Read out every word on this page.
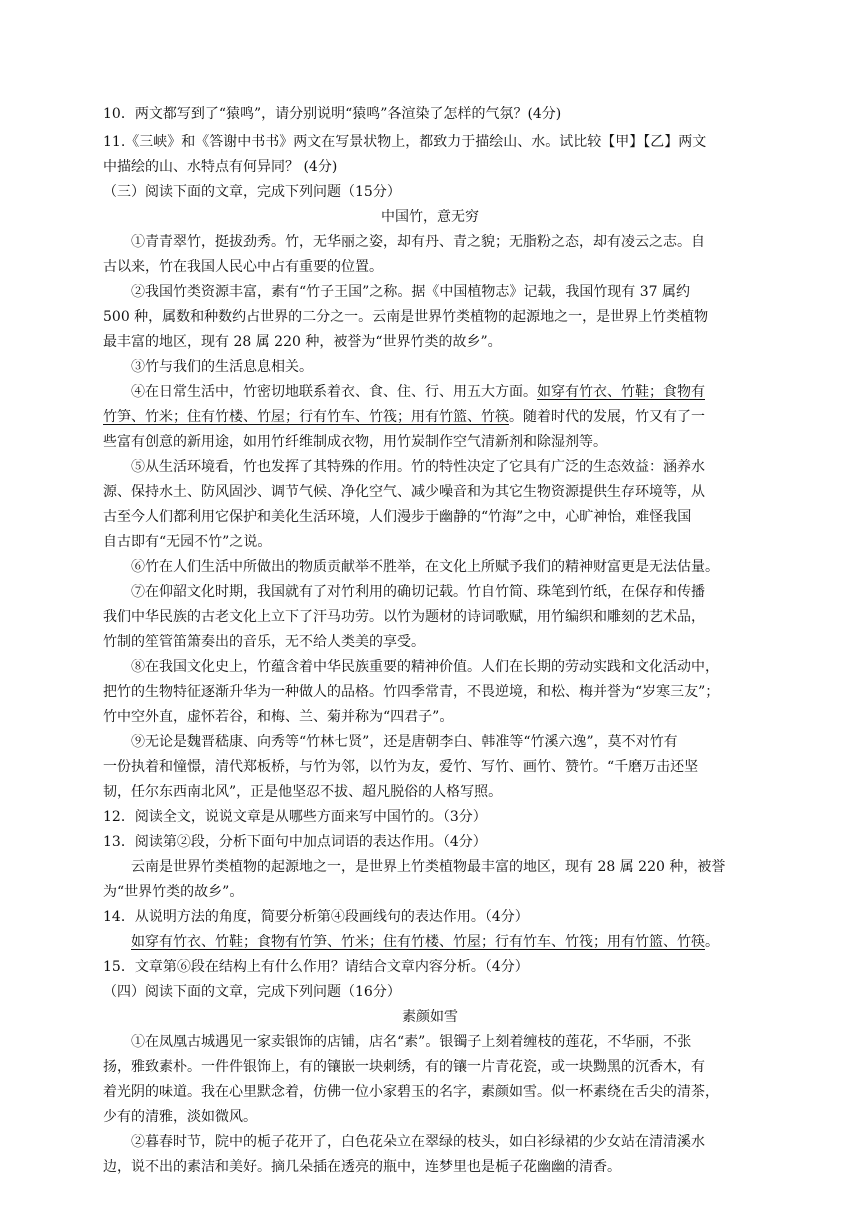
10．两文都写到了“猿鸣”，请分别说明“猿鸣”各渲染了怎样的气氛？(4分)
11.《三峡》和《答谢中书书》两文在写景状物上，都致力于描绘山、水。试比较【甲】【乙】两文
中描绘的山、水特点有何异同？ (4分)
（三）阅读下面的文章，完成下列问题（15分）
中国竹，意无穷
①青青翠竹，挺拔劲秀。竹，无华丽之姿，却有丹、青之貌；无脂粉之态，却有凌云之志。自
古以来，竹在我国人民心中占有重要的位置。
②我国竹类资源丰富，素有“竹子王国”之称。据《中国植物志》记载，我国竹现有 37 属约
500 种，属数和种数约占世界的二分之一。云南是世界竹类植物的起源地之一，是世界上竹类植物
最丰富的地区，现有 28 属 220 种，被誉为“世界竹类的故乡”。
③竹与我们的生活息息相关。
④在日常生活中，竹密切地联系着衣、食、住、行、用五大方面。如穿有竹衣、竹鞋；食物有
竹笋、竹米；住有竹楼、竹屋；行有竹车、竹筏；用有竹篮、竹筷。随着时代的发展，竹又有了一
些富有创意的新用途，如用竹纤维制成衣物，用竹炭制作空气清新剂和除湿剂等。
⑤从生活环境看，竹也发挥了其特殊的作用。竹的特性决定了它具有广泛的生态效益：涵养水
源、保持水土、防风固沙、调节气候、净化空气、减少噪音和为其它生物资源提供生存环境等，从
古至今人们都利用它保护和美化生活环境，人们漫步于幽静的“竹海”之中，心旷神怡，难怪我国
自古即有“无园不竹”之说。
⑥竹在人们生活中所做出的物质贡献举不胜举，在文化上所赋予我们的精神财富更是无法估量。
⑦在仰韶文化时期，我国就有了对竹利用的确切记载。竹自竹简、珠笔到竹纸，在保存和传播
我们中华民族的古老文化上立下了汗马功劳。以竹为题材的诗词歌赋，用竹编织和雕刻的艺术品，
竹制的笙管笛箫奏出的音乐，无不给人类美的享受。
⑧在我国文化史上，竹蕴含着中华民族重要的精神价值。人们在长期的劳动实践和文化活动中，
把竹的生物特征逐渐升华为一种做人的品格。竹四季常青，不畏逆境，和松、梅并誉为“岁寒三友”；
竹中空外直，虚怀若谷，和梅、兰、菊并称为“四君子”。
⑨无论是魏晋嵇康、向秀等“竹林七贤”，还是唐朝李白、韩准等“竹溪六逸”，莫不对竹有
一份执着和憧憬，清代郑板桥，与竹为邻，以竹为友，爱竹、写竹、画竹、赞竹。“千磨万击还坚
韧，任尔东西南北风”，正是他坚忍不拔、超凡脱俗的人格写照。
12．阅读全文，说说文章是从哪些方面来写中国竹的。（3分）
13．阅读第②段，分析下面句中加点词语的表达作用。（4分）
云南是世界竹类植物的起源地之一，是世界上竹类植物最丰富的地区，现有 28 属 220 种，被誉
为“世界竹类的故乡”。
14．从说明方法的角度，简要分析第④段画线句的表达作用。（4分）
如穿有竹衣、竹鞋；食物有竹笋、竹米；住有竹楼、竹屋；行有竹车、竹筏；用有竹篮、竹筷。
15．文章第⑥段在结构上有什么作用？请结合文章内容分析。（4分）
（四）阅读下面的文章，完成下列问题（16分）
素颜如雪
①在凤凰古城遇见一家卖银饰的店铺，店名“素”。银镯子上刻着缠枝的莲花，不华丽，不张
扬，雅致素朴。一件件银饰上，有的镶嵌一块刺绣，有的镶一片青花瓷，或一块黝黑的沉香木，有
着光阴的味道。我在心里默念着，仿佛一位小家碧玉的名字，素颜如雪。似一杯素绕在舌尖的清茶，
少有的清雅，淡如微风。
②暮春时节，院中的栀子花开了，白色花朵立在翠绿的枝头，如白衫绿裙的少女站在清清溪水
边，说不出的素洁和美好。摘几朵插在透亮的瓶中，连梦里也是栀子花幽幽的清香。
